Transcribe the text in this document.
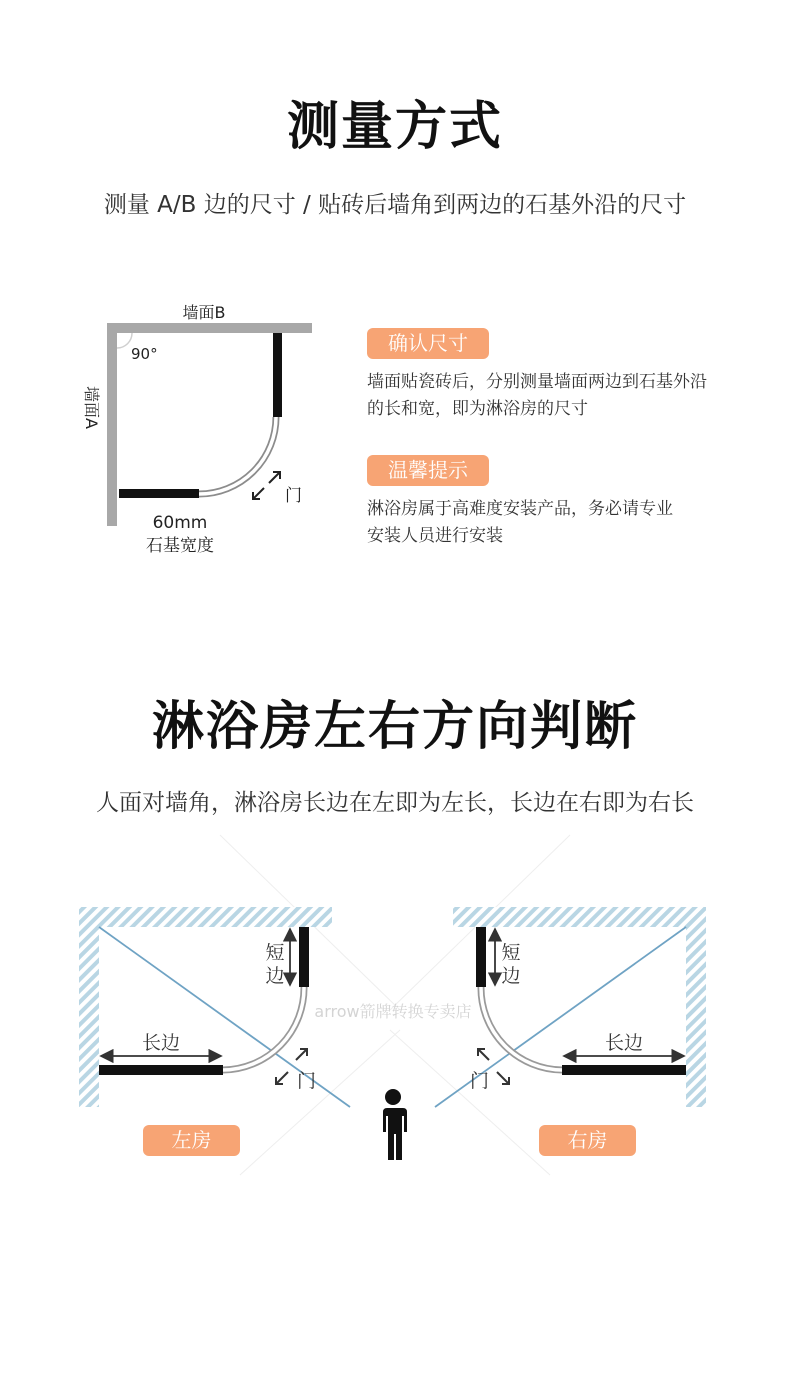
测量方式
测量 A/B 边的尺寸 / 贴砖后墙角到两边的石基外沿的尺寸
墙面B
90°
门
60mm
石基宽度
墙面A
确认尺寸
墙面贴瓷砖后，分别测量墙面两边到石基外沿的长和宽，即为淋浴房的尺寸
温馨提示
淋浴房属于高难度安装产品，务必请专业安装人员进行安装
淋浴房左右方向判断
人面对墙角，淋浴房长边在左即为左长，长边在右即为右长
短
边
长边
门
短
边
长边
门
arrow箭牌转换专卖店
左房	右房
